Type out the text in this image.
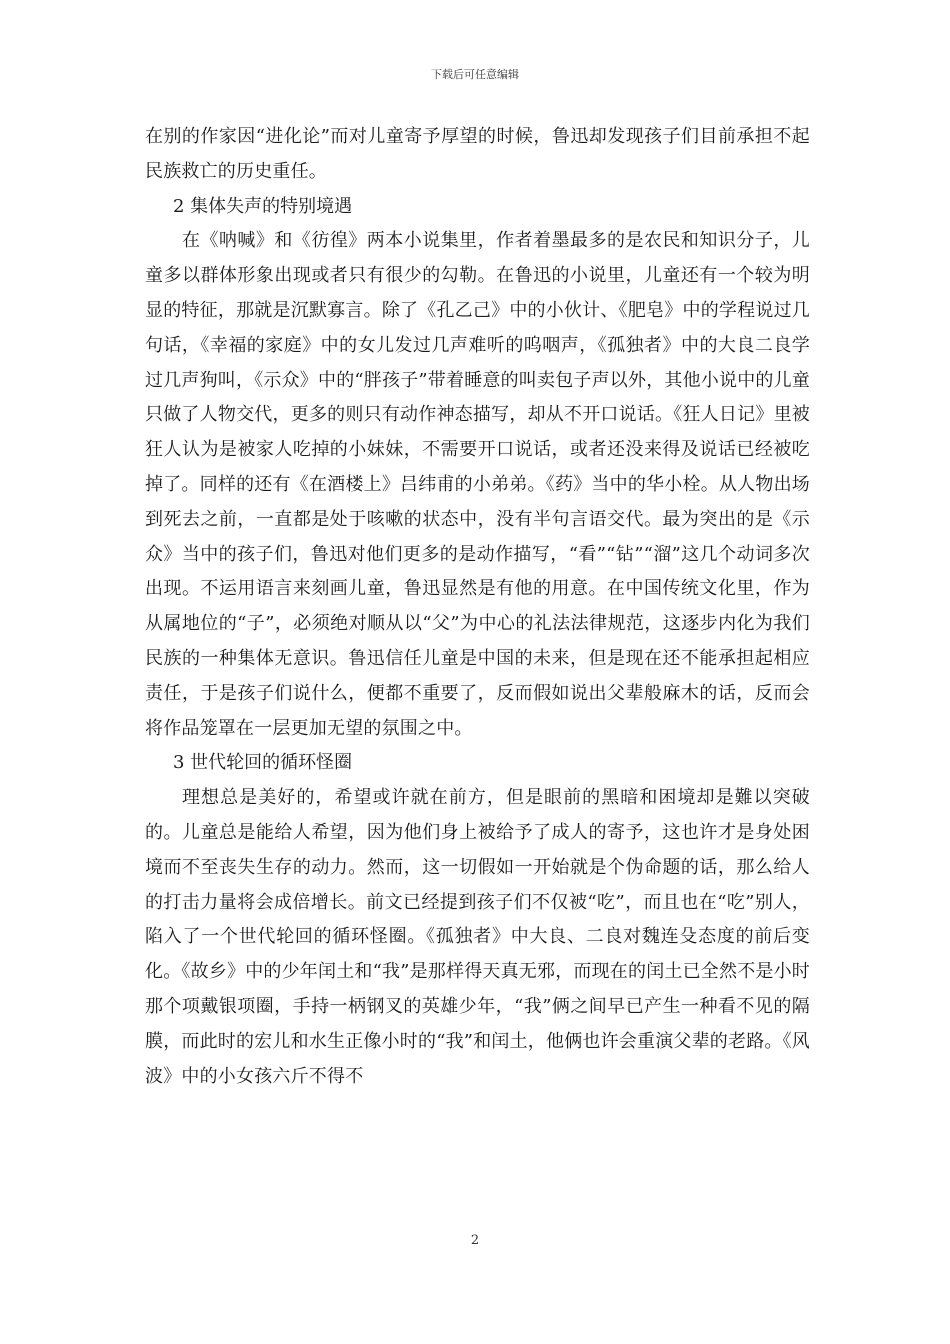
下载后可任意编辑

在别的作家因“进化论”而对儿童寄予厚望的时候，鲁迅却发现孩子们目前承担不起民族救亡的历史重任。

2 集体失声的特别境遇

在《呐喊》和《彷徨》两本小说集里，作者着墨最多的是农民和知识分子，儿童多以群体形象出现或者只有很少的勾勒。在鲁迅的小说里，儿童还有一个较为明显的特征，那就是沉默寡言。除了《孔乙己》中的小伙计、《肥皂》中的学程说过几句话，《幸福的家庭》中的女儿发过几声难听的呜咽声，《孤独者》中的大良二良学过几声狗叫，《示众》中的“胖孩子”带着睡意的叫卖包子声以外，其他小说中的儿童只做了人物交代，更多的则只有动作神态描写，却从不开口说话。《狂人日记》里被狂人认为是被家人吃掉的小妹妹，不需要开口说话，或者还没来得及说话已经被吃掉了。同样的还有《在酒楼上》吕纬甫的小弟弟。《药》当中的华小栓。从人物出场到死去之前，一直都是处于咳嗽的状态中，没有半句言语交代。最为突出的是《示众》当中的孩子们，鲁迅对他们更多的是动作描写，“看”“钻”“溜”这几个动词多次出现。不运用语言来刻画儿童，鲁迅显然是有他的用意。在中国传统文化里，作为从属地位的“子”，必须绝对顺从以“父”为中心的礼法法律规范，这逐步内化为我们民族的一种集体无意识。鲁迅信任儿童是中国的未来，但是现在还不能承担起相应责任，于是孩子们说什么，便都不重要了，反而假如说出父辈般麻木的话，反而会将作品笼罩在一层更加无望的氛围之中。

3 世代轮回的循环怪圈

理想总是美好的，希望或许就在前方，但是眼前的黑暗和困境却是難以突破的。儿童总是能给人希望，因为他们身上被给予了成人的寄予，这也许才是身处困境而不至丧失生存的动力。然而，这一切假如一开始就是个伪命题的话，那么给人的打击力量将会成倍增长。前文已经提到孩子们不仅被“吃”，而且也在“吃”别人，陷入了一个世代轮回的循环怪圈。《孤独者》中大良、二良对魏连殳态度的前后变化。《故乡》中的少年闰土和“我”是那样得天真无邪，而现在的闰土已全然不是小时那个项戴银项圈，手持一柄钢叉的英雄少年，“我”俩之间早已产生一种看不见的隔膜，而此时的宏儿和水生正像小时的“我”和闰土，他俩也许会重演父辈的老路。《风波》中的小女孩六斤不得不

2
